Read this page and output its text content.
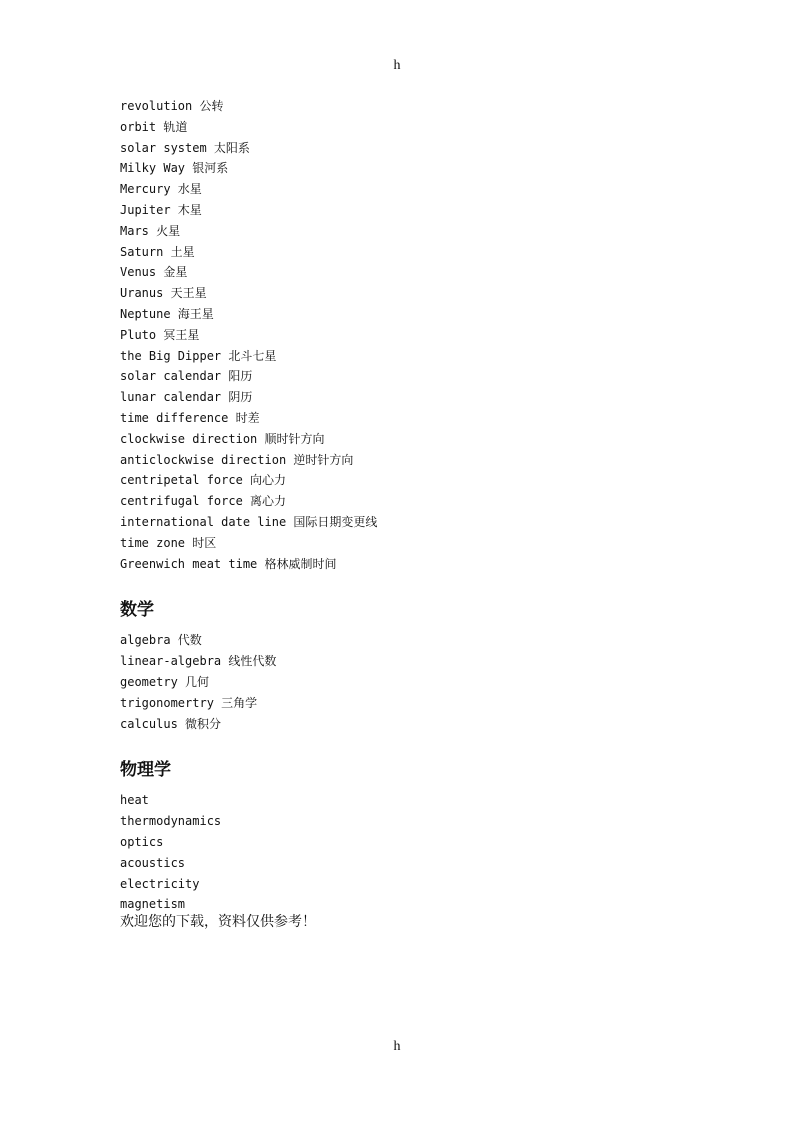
h
revolution 公转
orbit 轨道
solar system 太阳系
Milky Way 银河系
Mercury 水星
Jupiter 木星
Mars 火星
Saturn 土星
Venus 金星
Uranus 天王星
Neptune 海王星
Pluto 冥王星
the Big Dipper 北斗七星
solar calendar 阳历
lunar calendar 阴历
time difference 时差
clockwise direction 顺时针方向
anticlockwise direction 逆时针方向
centripetal force 向心力
centrifugal force 离心力
international date line 国际日期变更线
time zone 时区
Greenwich meat time 格林威制时间
数学
algebra 代数
linear-algebra 线性代数
geometry 几何
trigonomertry 三角学
calculus 微积分
物理学
heat
thermodynamics
optics
acoustics
electricity
magnetism
欢迎您的下载，资料仅供参考！
h
